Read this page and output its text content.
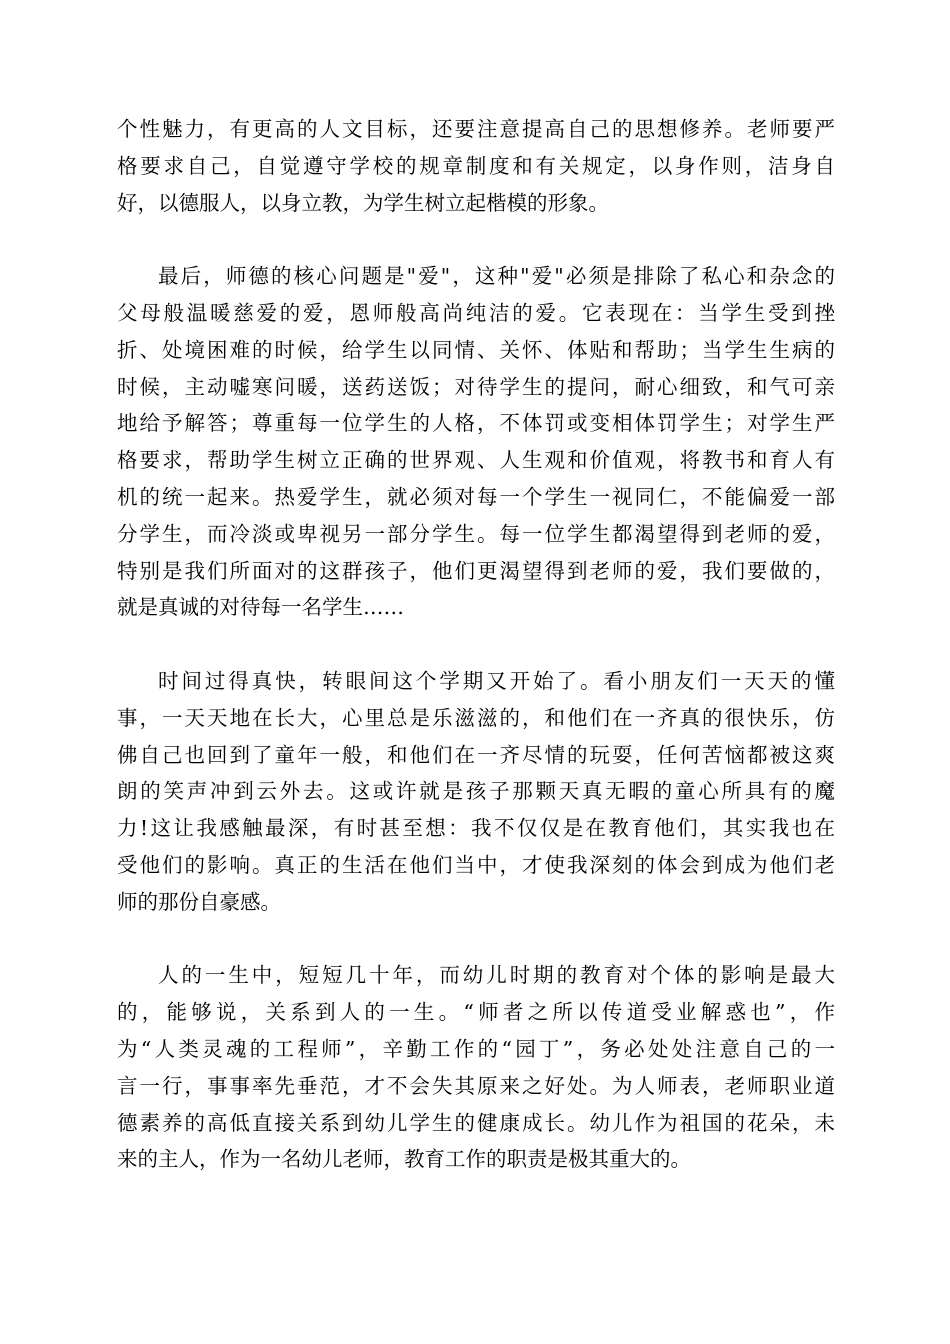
个性魅力，有更高的人文目标，还要注意提高自己的思想修养。老师要严
格要求自己，自觉遵守学校的规章制度和有关规定，以身作则，洁身自
好，以德服人，以身立教，为学生树立起楷模的形象。
最后，师德的核心问题是"爱"，这种"爱"必须是排除了私心和杂念的
父母般温暖慈爱的爱，恩师般高尚纯洁的爱。它表现在：当学生受到挫
折、处境困难的时候，给学生以同情、关怀、体贴和帮助；当学生生病的
时候，主动嘘寒问暖，送药送饭；对待学生的提问，耐心细致，和气可亲
地给予解答；尊重每一位学生的人格，不体罚或变相体罚学生；对学生严
格要求，帮助学生树立正确的世界观、人生观和价值观，将教书和育人有
机的统一起来。热爱学生，就必须对每一个学生一视同仁，不能偏爱一部
分学生，而冷淡或卑视另一部分学生。每一位学生都渴望得到老师的爱，
特别是我们所面对的这群孩子，他们更渴望得到老师的爱，我们要做的，
就是真诚的对待每一名学生……
时间过得真快，转眼间这个学期又开始了。看小朋友们一天天的懂
事，一天天地在长大，心里总是乐滋滋的，和他们在一齐真的很快乐，仿
佛自己也回到了童年一般，和他们在一齐尽情的玩耍，任何苦恼都被这爽
朗的笑声冲到云外去。这或许就是孩子那颗天真无暇的童心所具有的魔
力!这让我感触最深，有时甚至想：我不仅仅是在教育他们，其实我也在
受他们的影响。真正的生活在他们当中，才使我深刻的体会到成为他们老
师的那份自豪感。
人的一生中，短短几十年，而幼儿时期的教育对个体的影响是最大
的，能够说，关系到人的一生。“师者之所以传道受业解惑也”，作
为“人类灵魂的工程师”，辛勤工作的“园丁”，务必处处注意自己的一
言一行，事事率先垂范，才不会失其原来之好处。为人师表，老师职业道
德素养的高低直接关系到幼儿学生的健康成长。幼儿作为祖国的花朵，未
来的主人，作为一名幼儿老师，教育工作的职责是极其重大的。
